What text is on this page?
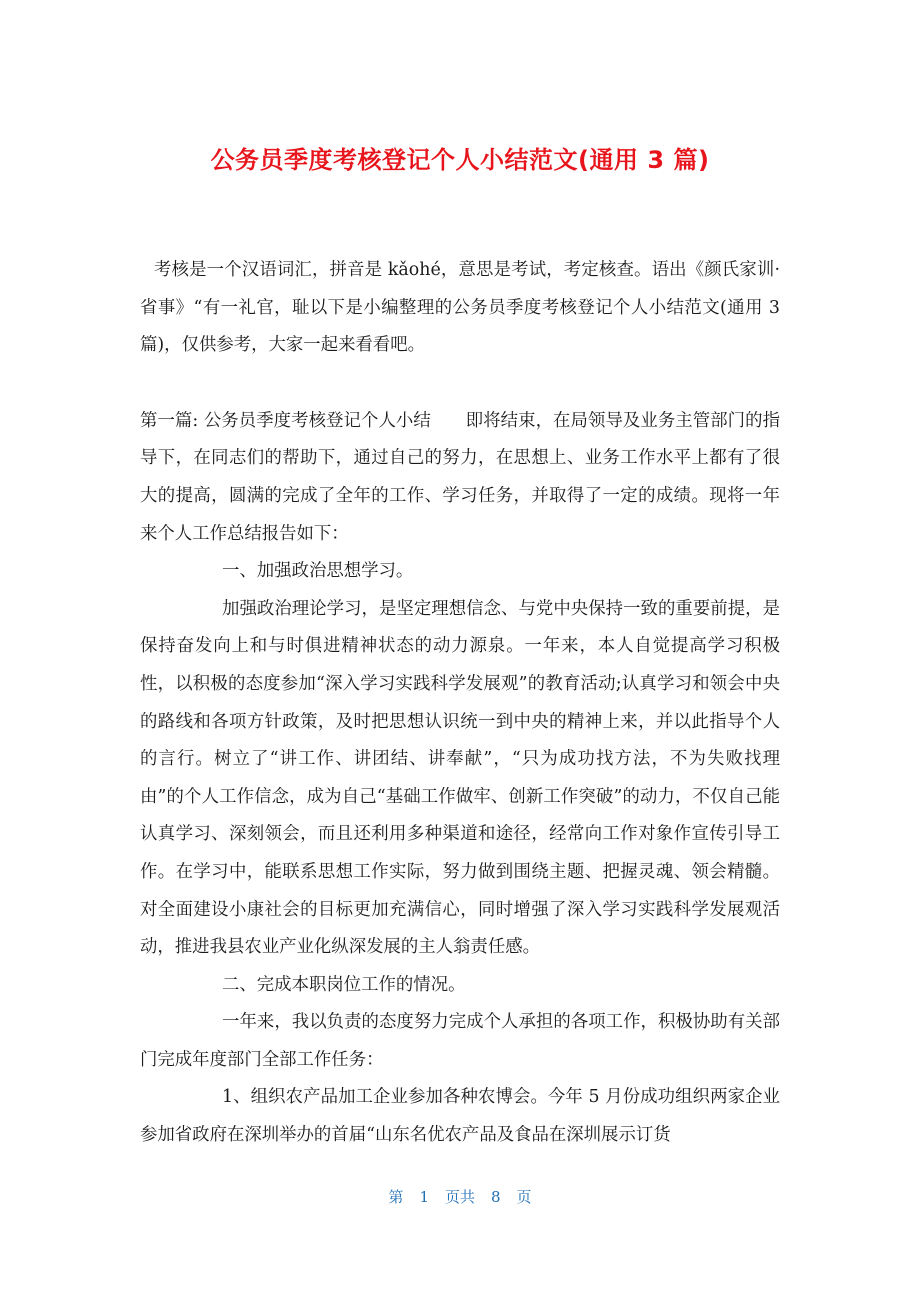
公务员季度考核登记个人小结范文(通用 3 篇)

考核是一个汉语词汇，拼音是 kǎohé，意思是考试，考定核查。语出《颜氏家训·省事》“有一礼官，耻以下是小编整理的公务员季度考核登记个人小结范文(通用 3 篇)，仅供参考，大家一起来看看吧。

第一篇: 公务员季度考核登记个人小结　　即将结束，在局领导及业务主管部门的指导下，在同志们的帮助下，通过自己的努力，在思想上、业务工作水平上都有了很大的提高，圆满的完成了全年的工作、学习任务，并取得了一定的成绩。现将一年来个人工作总结报告如下：

一、加强政治思想学习。

加强政治理论学习，是坚定理想信念、与党中央保持一致的重要前提，是保持奋发向上和与时俱进精神状态的动力源泉。一年来，本人自觉提高学习积极性，以积极的态度参加“深入学习实践科学发展观”的教育活动;认真学习和领会中央的路线和各项方针政策，及时把思想认识统一到中央的精神上来，并以此指导个人的言行。树立了“讲工作、讲团结、讲奉献”，“只为成功找方法，不为失败找理由”的个人工作信念，成为自己“基础工作做牢、创新工作突破”的动力，不仅自己能认真学习、深刻领会，而且还利用多种渠道和途径，经常向工作对象作宣传引导工作。在学习中，能联系思想工作实际，努力做到围绕主题、把握灵魂、领会精髓。对全面建设小康社会的目标更加充满信心，同时增强了深入学习实践科学发展观活动，推进我县农业产业化纵深发展的主人翁责任感。

二、完成本职岗位工作的情况。

一年来，我以负责的态度努力完成个人承担的各项工作，积极协助有关部门完成年度部门全部工作任务：

1、组织农产品加工企业参加各种农博会。今年 5 月份成功组织两家企业参加省政府在深圳举办的首届“山东名优农产品及食品在深圳展示订货

第 1 页共 8 页
